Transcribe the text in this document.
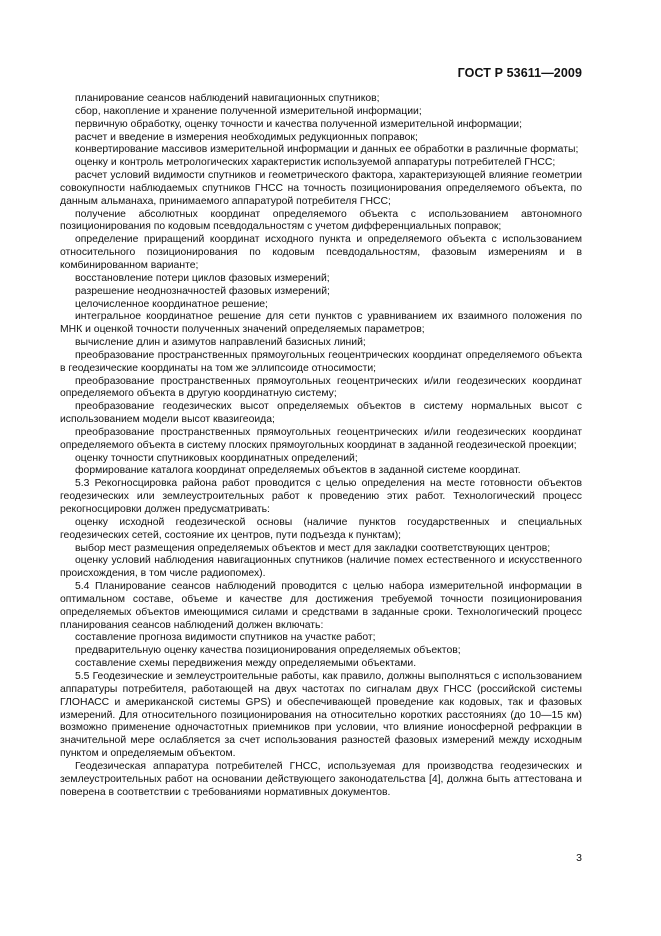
ГОСТ Р 53611—2009

планирование сеансов наблюдений навигационных спутников;

сбор, накопление и хранение полученной измерительной информации;

первичную обработку, оценку точности и качества полученной измерительной информации;

расчет и введение в измерения необходимых редукционных поправок;

конвертирование массивов измерительной информации и данных ее обработки в различные форматы;

оценку и контроль метрологических характеристик используемой аппаратуры потребителей ГНСС;

расчет условий видимости спутников и геометрического фактора, характеризующей влияние геометрии совокупности наблюдаемых спутников ГНСС на точность позиционирования определяемого объекта, по данным альманаха, принимаемого аппаратурой потребителя ГНСС;

получение абсолютных координат определяемого объекта с использованием автономного позиционирования по кодовым псевдодальностям с учетом дифференциальных поправок;

определение приращений координат исходного пункта и определяемого объекта с использованием относительного позиционирования по кодовым псевдодальностям, фазовым измерениям и в комбинированном варианте;

восстановление потери циклов фазовых измерений;

разрешение неоднозначностей фазовых измерений;

целочисленное координатное решение;

интегральное координатное решение для сети пунктов с уравниванием их взаимного положения по МНК и оценкой точности полученных значений определяемых параметров;

вычисление длин и азимутов направлений базисных линий;

преобразование пространственных прямоугольных геоцентрических координат определяемого объекта в геодезические координаты на том же эллипсоиде относимости;

преобразование пространственных прямоугольных геоцентрических и/или геодезических координат определяемого объекта в другую координатную систему;

преобразование геодезических высот определяемых объектов в систему нормальных высот с использованием модели высот квазигеоида;

преобразование пространственных прямоугольных геоцентрических и/или геодезических координат определяемого объекта в систему плоских прямоугольных координат в заданной геодезической проекции;

оценку точности спутниковых координатных определений;

формирование каталога координат определяемых объектов в заданной системе координат.

5.3 Рекогносцировка района работ проводится с целью определения на месте готовности объектов геодезических или землеустроительных работ к проведению этих работ. Технологический процесс рекогносцировки должен предусматривать:

оценку исходной геодезической основы (наличие пунктов государственных и специальных геодезических сетей, состояние их центров, пути подъезда к пунктам);

выбор мест размещения определяемых объектов и мест для закладки соответствующих центров;

оценку условий наблюдения навигационных спутников (наличие помех естественного и искусственного происхождения, в том числе радиопомех).

5.4 Планирование сеансов наблюдений проводится с целью набора измерительной информации в оптимальном составе, объеме и качестве для достижения требуемой точности позиционирования определяемых объектов имеющимися силами и средствами в заданные сроки. Технологический процесс планирования сеансов наблюдений должен включать:

составление прогноза видимости спутников на участке работ;

предварительную оценку качества позиционирования определяемых объектов;

составление схемы передвижения между определяемыми объектами.

5.5 Геодезические и землеустроительные работы, как правило, должны выполняться с использованием аппаратуры потребителя, работающей на двух частотах по сигналам двух ГНСС (российской системы ГЛОНАСС и американской системы GPS) и обеспечивающей проведение как кодовых, так и фазовых измерений. Для относительного позиционирования на относительно коротких расстояниях (до 10—15 км) возможно применение одночастотных приемников при условии, что влияние ионосферной рефракции в значительной мере ослабляется за счет использования разностей фазовых измерений между исходным пунктом и определяемым объектом.

Геодезическая аппаратура потребителей ГНСС, используемая для производства геодезических и землеустроительных работ на основании действующего законодательства [4], должна быть аттестована и поверена в соответствии с требованиями нормативных документов.

3
